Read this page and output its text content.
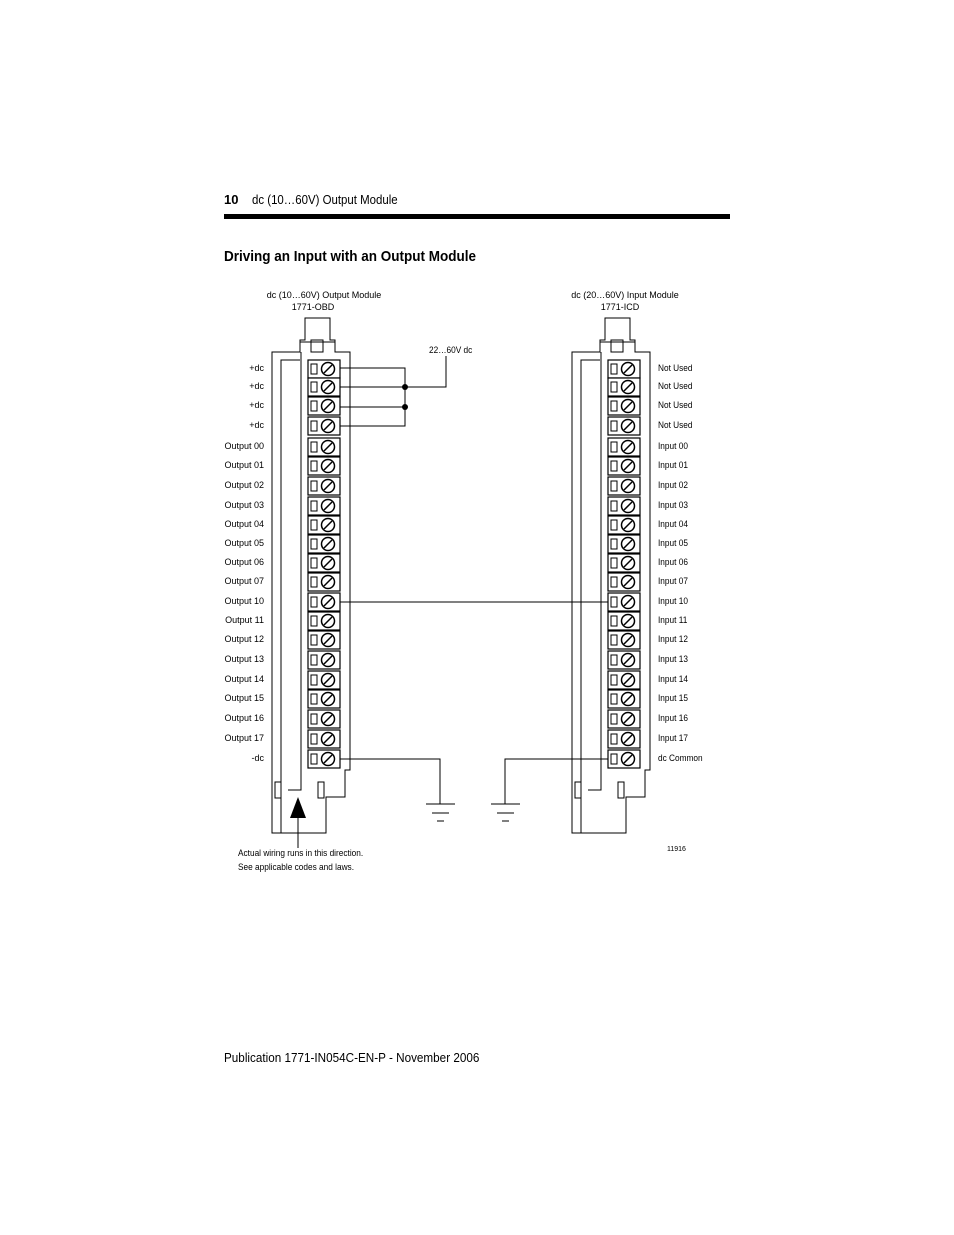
10 dc (10…60V) Output Module
Driving an Input with an Output Module
dc (10…60V) Output Module
1771-OBD
dc (20…60V) Input Module
1771-ICD
22…60V dc
+dc
+dc
+dc
+dc
Output 00
Output 01
Output 02
Output 03
Output 04
Output 05
Output 06
Output 07
Output 10
Output 11
Output 12
Output 13
Output 14
Output 15
Output 16
Output 17
-dc
Not Used
Not Used
Not Used
Not Used
Input 00
Input 01
Input 02
Input 03
Input 04
Input 05
Input 06
Input 07
Input 10
Input 11
Input 12
Input 13
Input 14
Input 15
Input 16
Input 17
dc Common
Actual wiring runs in this direction.
See applicable codes and laws.
11916
Publication 1771-IN054C-EN-P - November 2006
